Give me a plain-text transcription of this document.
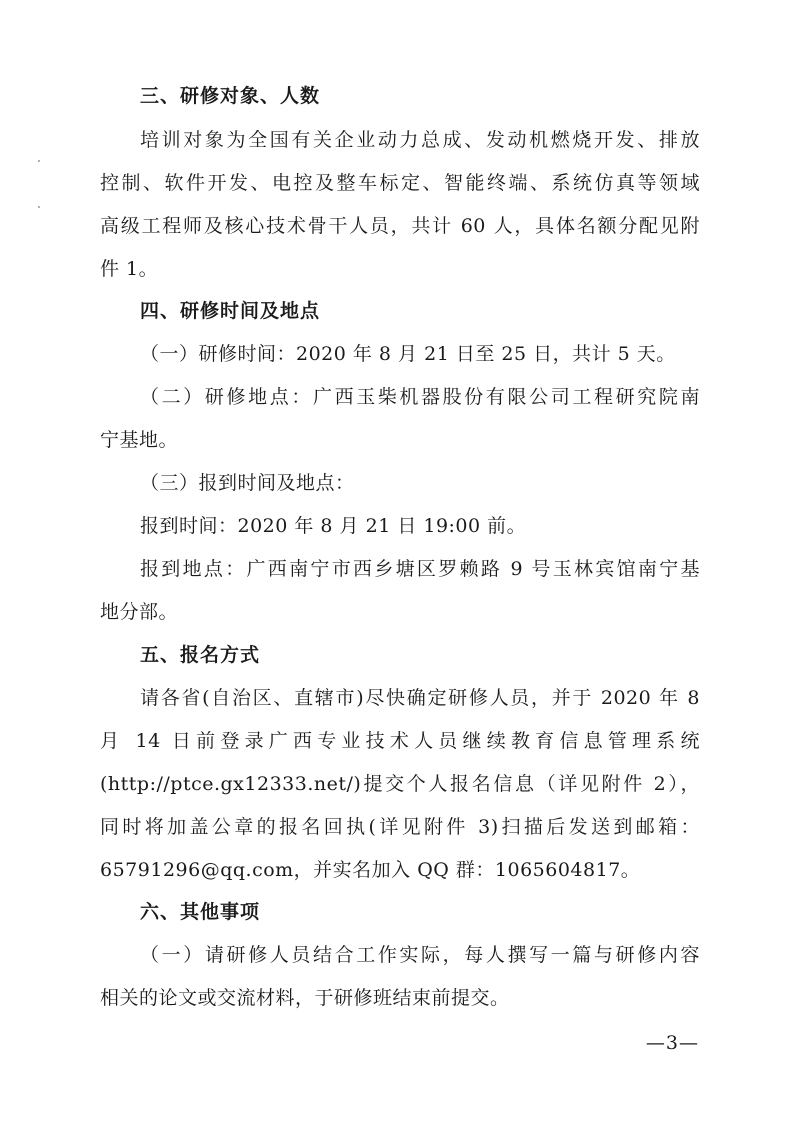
三、研修对象、人数
培训对象为全国有关企业动力总成、发动机燃烧开发、排放
控制、软件开发、电控及整车标定、智能终端、系统仿真等领域
高级工程师及核心技术骨干人员，共计 60 人，具体名额分配见附
件 1。
四、研修时间及地点
（一）研修时间：2020 年 8 月 21 日至 25 日，共计 5 天。
（二）研修地点：广西玉柴机器股份有限公司工程研究院南
宁基地。
（三）报到时间及地点：
报到时间：2020 年 8 月 21 日 19:00 前。
报到地点：广西南宁市西乡塘区罗赖路 9 号玉林宾馆南宁基
地分部。
五、报名方式
请各省(自治区、直辖市)尽快确定研修人员，并于 2020 年 8
月 14 日前登录广西专业技术人员继续教育信息管理系统
(http://ptce.gx12333.net/)提交个人报名信息（详见附件 2），
同时将加盖公章的报名回执(详见附件 3)扫描后发送到邮箱：
65791296@qq.com，并实名加入 QQ 群：1065604817。
六、其他事项
（一）请研修人员结合工作实际，每人撰写一篇与研修内容
相关的论文或交流材料，于研修班结束前提交。
—3—
